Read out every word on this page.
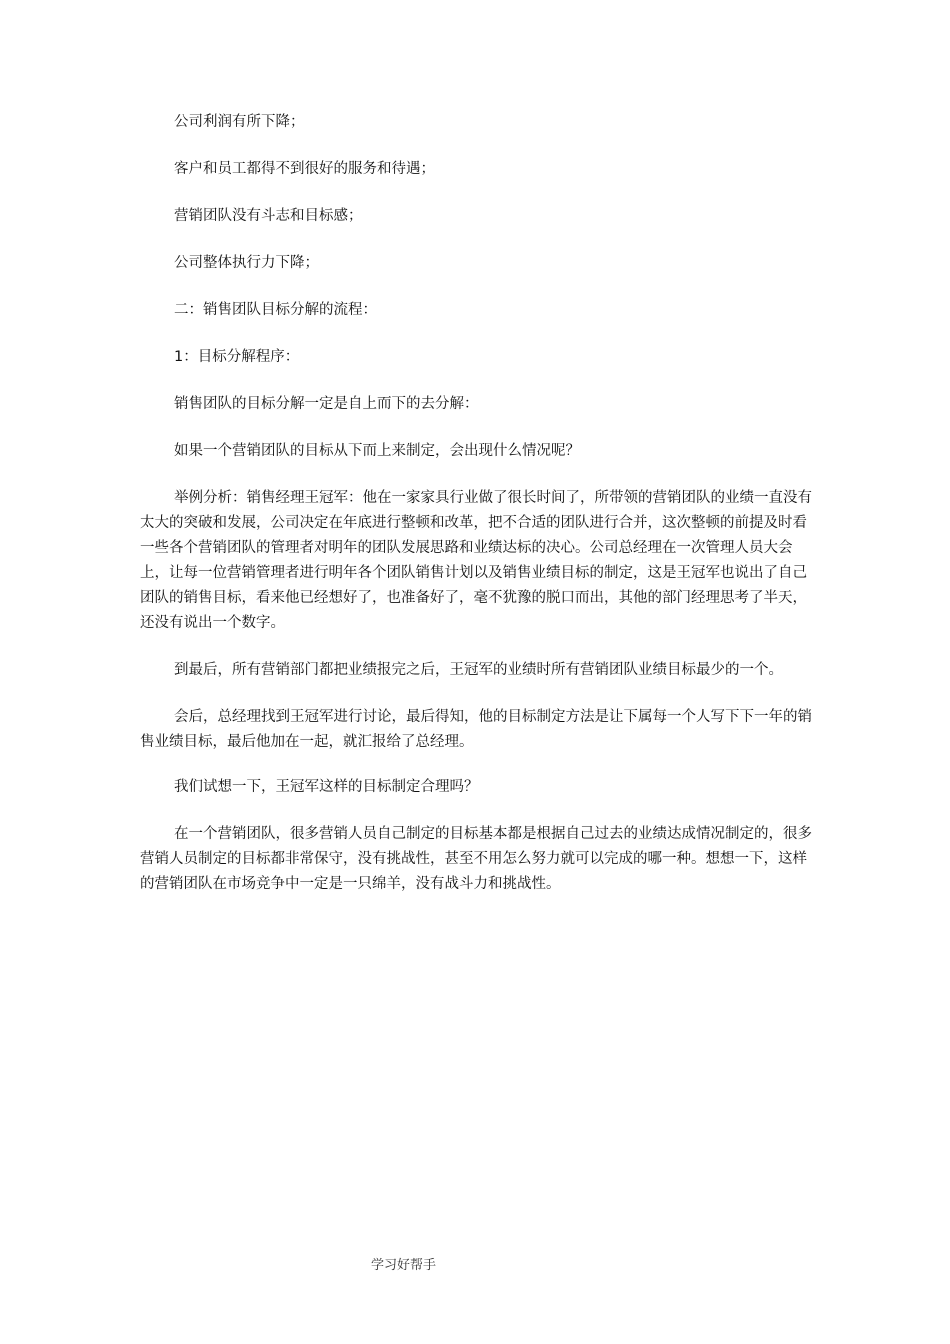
公司利润有所下降；

客户和员工都得不到很好的服务和待遇；

营销团队没有斗志和目标感；

公司整体执行力下降；

二：销售团队目标分解的流程：

1：目标分解程序：

销售团队的目标分解一定是自上而下的去分解：

如果一个营销团队的目标从下而上来制定，会出现什么情况呢？

举例分析：销售经理王冠军：他在一家家具行业做了很长时间了，所带领的营销团队的业绩一直没有太大的突破和发展，公司决定在年底进行整顿和改革，把不合适的团队进行合并，这次整顿的前提及时看一些各个营销团队的管理者对明年的团队发展思路和业绩达标的决心。公司总经理在一次管理人员大会上，让每一位营销管理者进行明年各个团队销售计划以及销售业绩目标的制定，这是王冠军也说出了自己团队的销售目标，看来他已经想好了，也准备好了，毫不犹豫的脱口而出，其他的部门经理思考了半天，还没有说出一个数字。

到最后，所有营销部门都把业绩报完之后，王冠军的业绩时所有营销团队业绩目标最少的一个。

会后，总经理找到王冠军进行讨论，最后得知，他的目标制定方法是让下属每一个人写下下一年的销售业绩目标，最后他加在一起，就汇报给了总经理。

我们试想一下，王冠军这样的目标制定合理吗？

在一个营销团队，很多营销人员自己制定的目标基本都是根据自己过去的业绩达成情况制定的，很多营销人员制定的目标都非常保守，没有挑战性，甚至不用怎么努力就可以完成的哪一种。想想一下，这样的营销团队在市场竞争中一定是一只绵羊，没有战斗力和挑战性。

学习好帮手
